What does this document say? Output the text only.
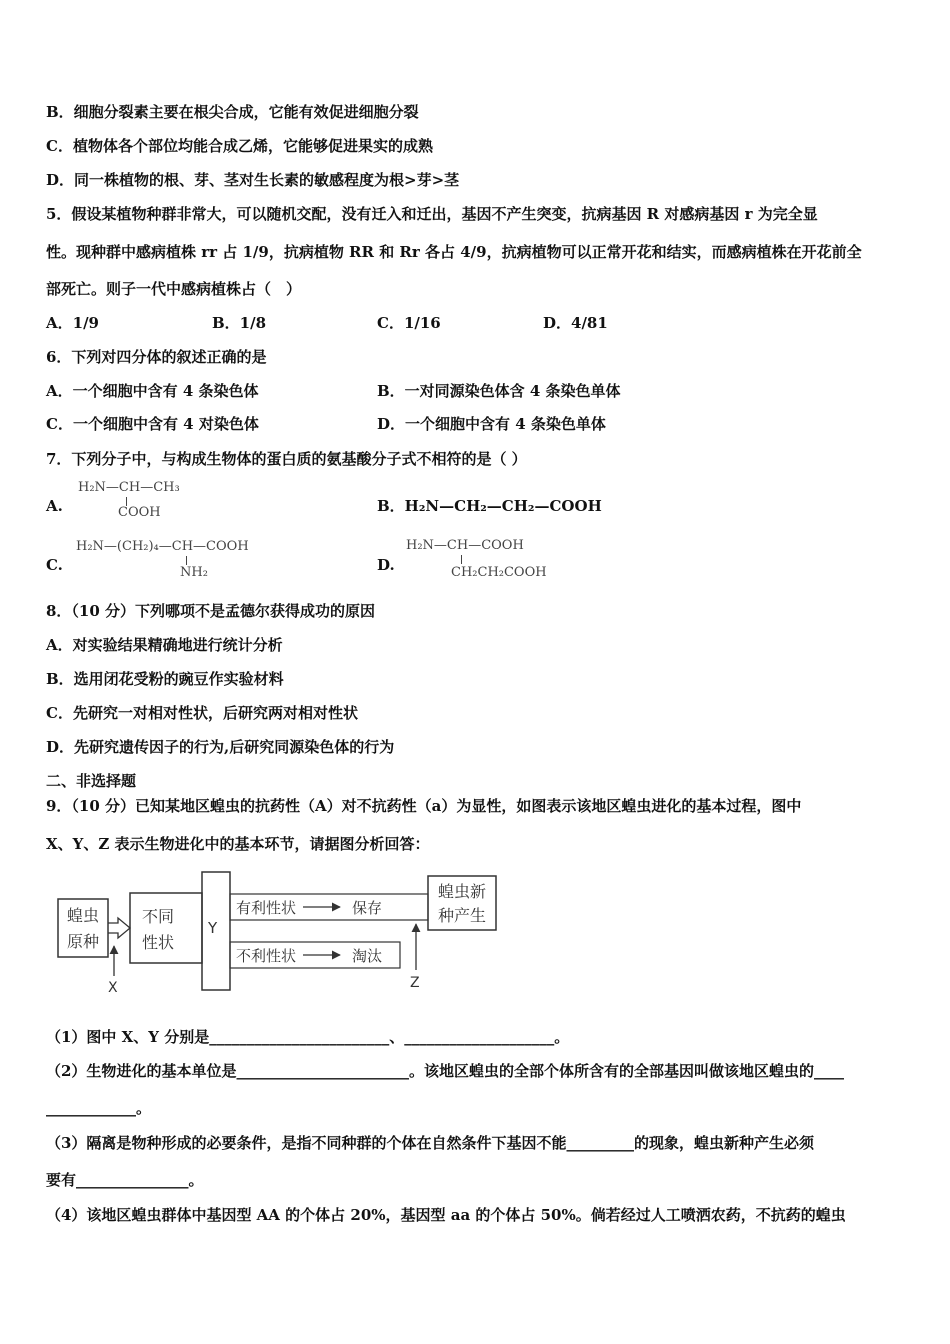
B．细胞分裂素主要在根尖合成，它能有效促进细胞分裂
C．植物体各个部位均能合成乙烯，它能够促进果实的成熟
D．同一株植物的根、芽、茎对生长素的敏感程度为根>芽>茎
5．假设某植物种群非常大，可以随机交配，没有迁入和迁出，基因不产生突变，抗病基因 R 对感病基因 r 为完全显
性。现种群中感病植株 rr 占 1/9，抗病植物 RR 和 Rr 各占 4/9，抗病植物可以正常开花和结实，而感病植株在开花前全
部死亡。则子一代中感病植株占（　）
A．1/9	B．1/8	C．1/16	D．4/81
6．下列对四分体的叙述正确的是
A．一个细胞中含有 4 条染色体	B．一对同源染色体含 4 条染色单体
C．一个细胞中含有 4 对染色体	D．一个细胞中含有 4 条染色单体
7．下列分子中，与构成生物体的蛋白质的氨基酸分子式不相符的是（ ）
A.
H₂N—CH—CH₃
COOH	B．H₂N—CH₂—CH₂—COOH
C.
H₂N—(CH₂)₄—CH—COOH
NH₂	D.
H₂N—CH—COOH
CH₂CH₂COOH
8．（10 分）下列哪项不是孟德尔获得成功的原因
A．对实验结果精确地进行统计分析
B．选用闭花受粉的豌豆作实验材料
C．先研究一对相对性状，后研究两对相对性状
D．先研究遗传因子的行为,后研究同源染色体的行为
二、非选择题
9．（10 分）已知某地区蝗虫的抗药性（A）对不抗药性（a）为显性，如图表示该地区蝗虫进化的基本过程，图中
X、Y、Z 表示生物进化中的基本环节，请据图分析回答：
蝗虫
原种
X
不同
性状
Y
有利性状	保存
不利性状	淘汰
蝗虫新
种产生
Z
（1）图中 X、Y 分别是________________________、____________________。
（2）生物进化的基本单位是_______________________。该地区蝗虫的全部个体所含有的全部基因叫做该地区蝗虫的____
____________。
（3）隔离是物种形成的必要条件，是指不同种群的个体在自然条件下基因不能_________的现象，蝗虫新种产生必须
要有_______________。
（4）该地区蝗虫群体中基因型 AA 的个体占 20%，基因型 aa 的个体占 50%。倘若经过人工喷洒农药，不抗药的蝗虫
